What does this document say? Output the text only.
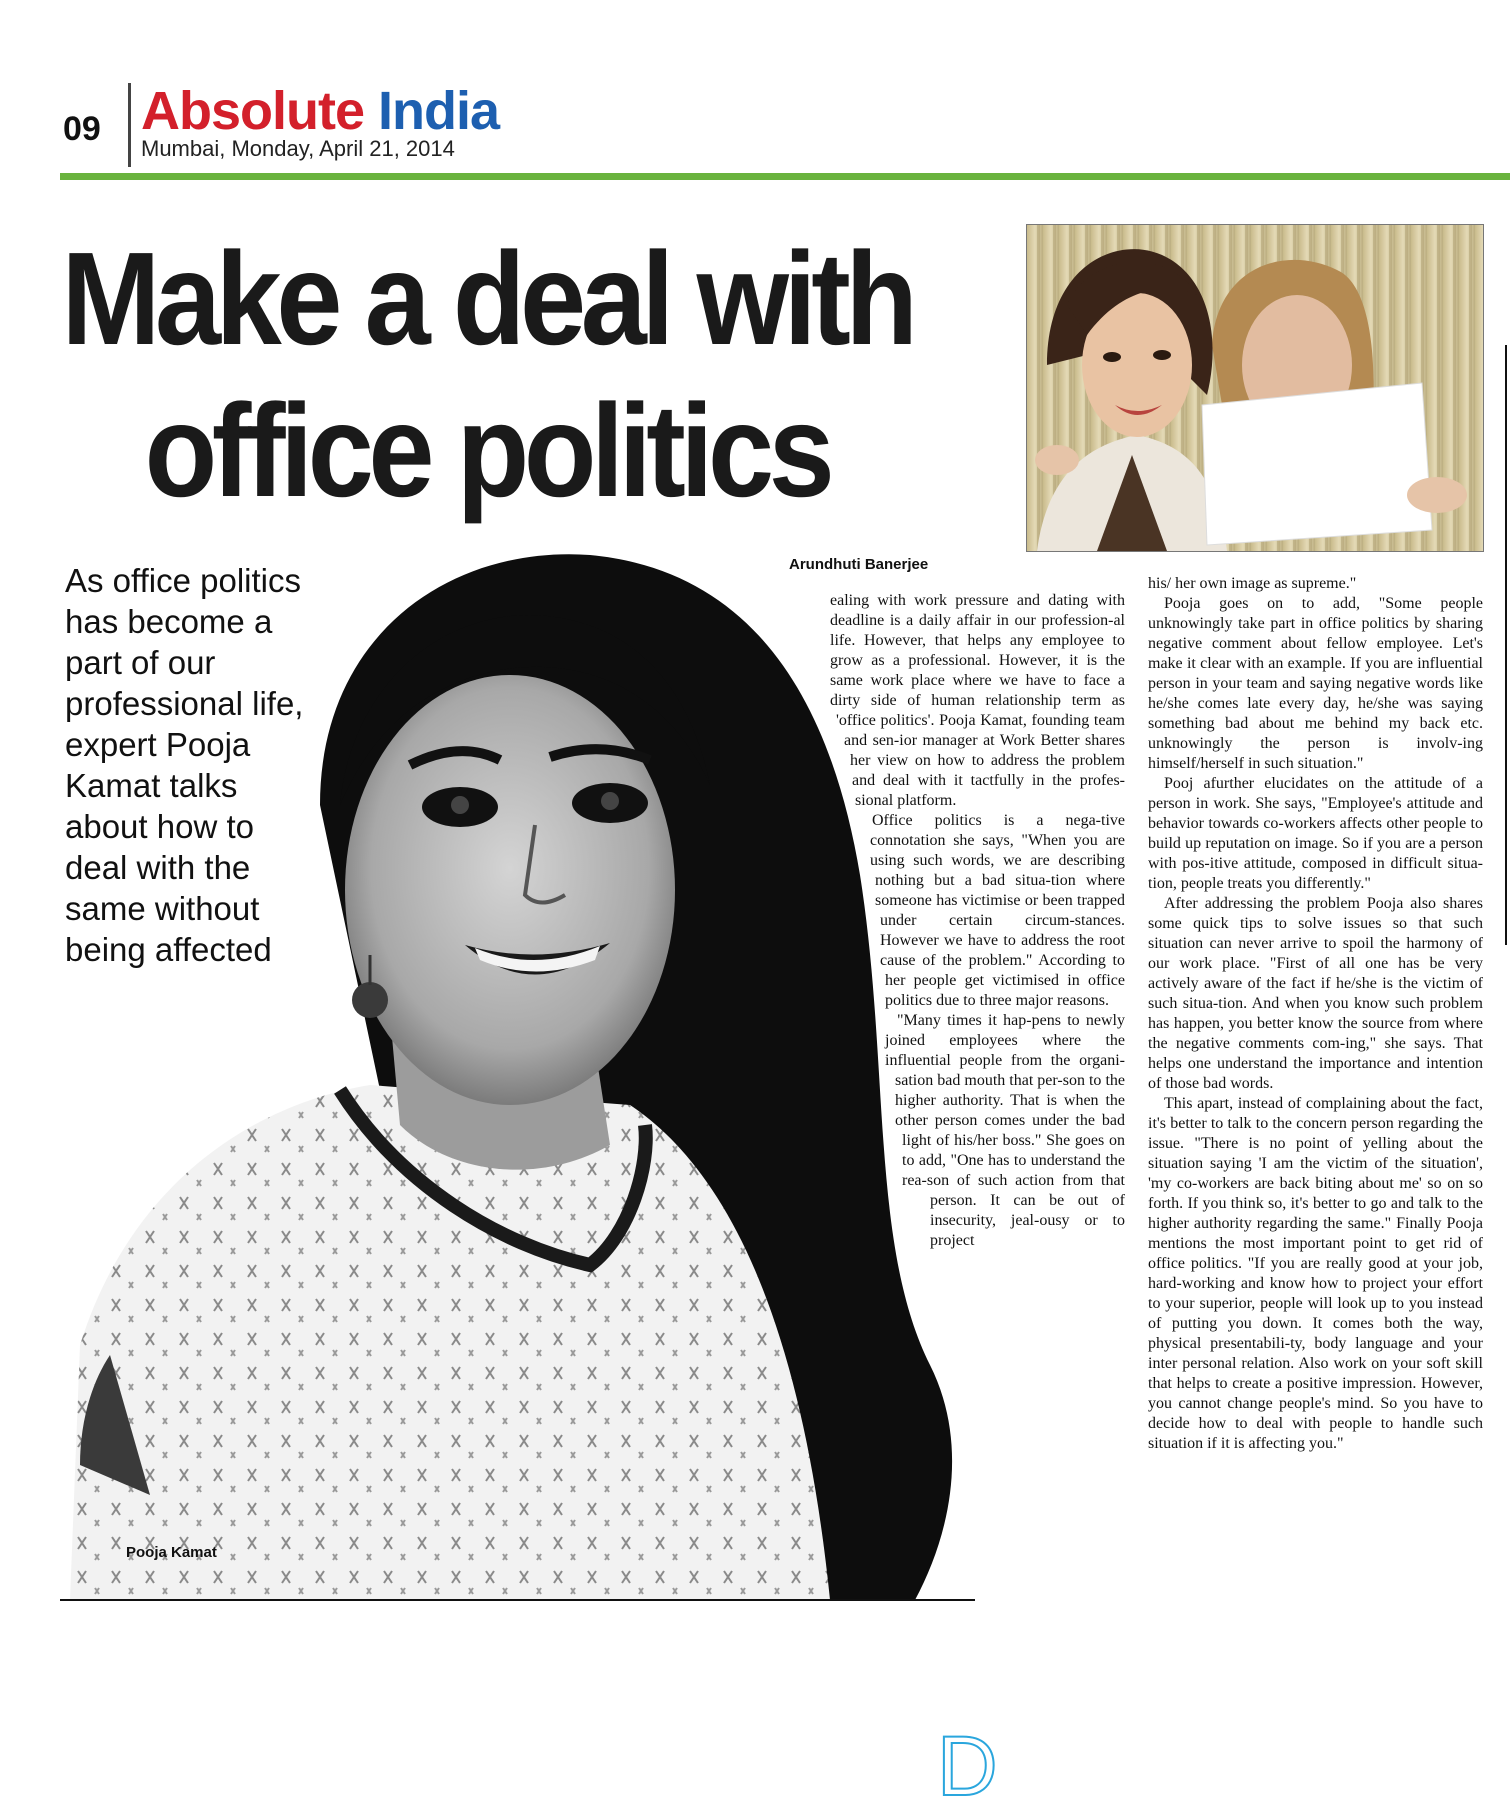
09 Absolute India
Mumbai, Monday, April 21, 2014
Make a deal with
office politics
As office politics has become a part of our professional life, expert Pooja Kamat talks about how to deal with the same without being affected
Pooja Kamat
Arundhuti Banerjee
D

ealing with work pressure and dating with deadline is a daily affair in our profession-al life. However, that helps any employee to grow as a professional. However, it is the same work place where we have to face a dirty side of human relationship term as 'office politics'. Pooja Kamat, founding team and sen-ior manager at Work Better shares her view on how to address the problem and deal with it tactfully in the profes-sional platform.

Office politics is a nega-tive connotation she says, "When you are using such words, we are describing nothing but a bad situa-tion where someone has victimise or been trapped under certain circum-stances. However we have to address the root cause of the problem." According to her people get victimised in office politics due to three major reasons.

"Many times it hap-pens to newly joined employees where the influential people from the organi-sation bad mouth that per-son to the higher authority. That is when the other person comes under the bad light of his/her boss." She goes on to add, "One has to understand the rea-son of such action from that person. It can be out of insecurity, jeal-ousy or to project

his/ her own image as supreme."

Pooja goes on to add, "Some people unknowingly take part in office politics by sharing negative comment about fellow employee. Let's make it clear with an example. If you are influential person in your team and saying negative words like he/she comes late every day, he/she was saying something bad about me behind my back etc. unknowingly the person is involv-ing himself/herself in such situation."

Pooj afurther elucidates on the attitude of a person in work. She says, "Employee's attitude and behavior towards co-workers affects other people to build up reputation on image. So if you are a person with pos-itive attitude, composed in difficult situa-tion, people treats you differently."

After addressing the problem Pooja also shares some quick tips to solve issues so that such situation can never arrive to spoil the harmony of our work place. "First of all one has be very actively aware of the fact if he/she is the victim of such situa-tion. And when you know such problem has happen, you better know the source from where the negative comments com-ing," she says. That helps one understand the importance and intention of those bad words.

This apart, instead of complaining about the fact, it's better to talk to the concern person regarding the issue. "There is no point of yelling about the situation saying 'I am the victim of the situation', 'my co-workers are back biting about me' so on so forth. If you think so, it's better to go and talk to the higher authority regarding the same." Finally Pooja mentions the most important point to get rid of office politics. "If you are really good at your job, hard-working and know how to project your effort to your superior, people will look up to you instead of putting you down. It comes both the way, physical presentabili-ty, body language and your inter personal relation. Also work on your soft skill that helps to create a positive impression. However, you cannot change people's mind. So you have to decide how to deal with people to handle such situation if it is affecting you."
